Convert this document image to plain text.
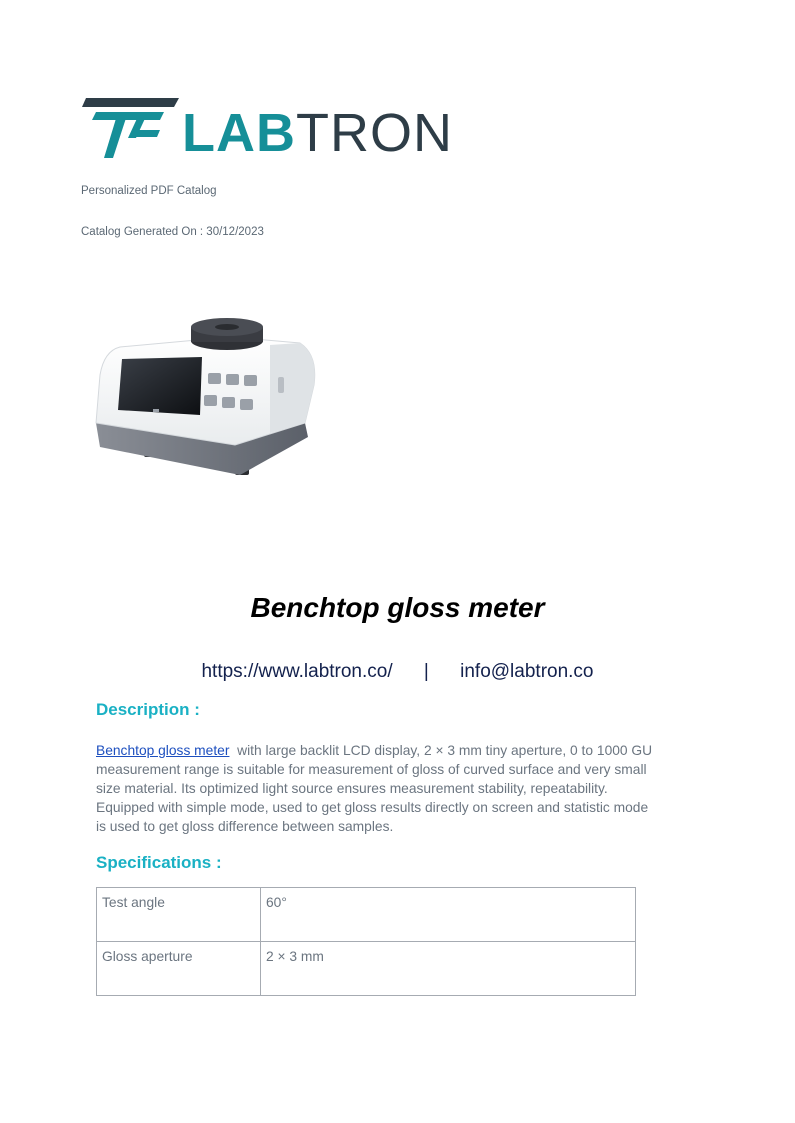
LABTRON
Personalized PDF Catalog
Catalog Generated On : 30/12/2023
Benchtop gloss meter
https://www.labtron.co/ | info@labtron.co
Description :

Benchtop gloss meter  with large backlit LCD display, 2 × 3 mm tiny aperture, 0 to 1000 GU measurement range is suitable for measurement of gloss of curved surface and very small size material. Its optimized light source ensures measurement stability, repeatability. Equipped with simple mode, used to get gloss results directly on screen and statistic mode is used to get gloss difference between samples.

Specifications :
Test angle	60°
Gloss aperture	2 × 3 mm
